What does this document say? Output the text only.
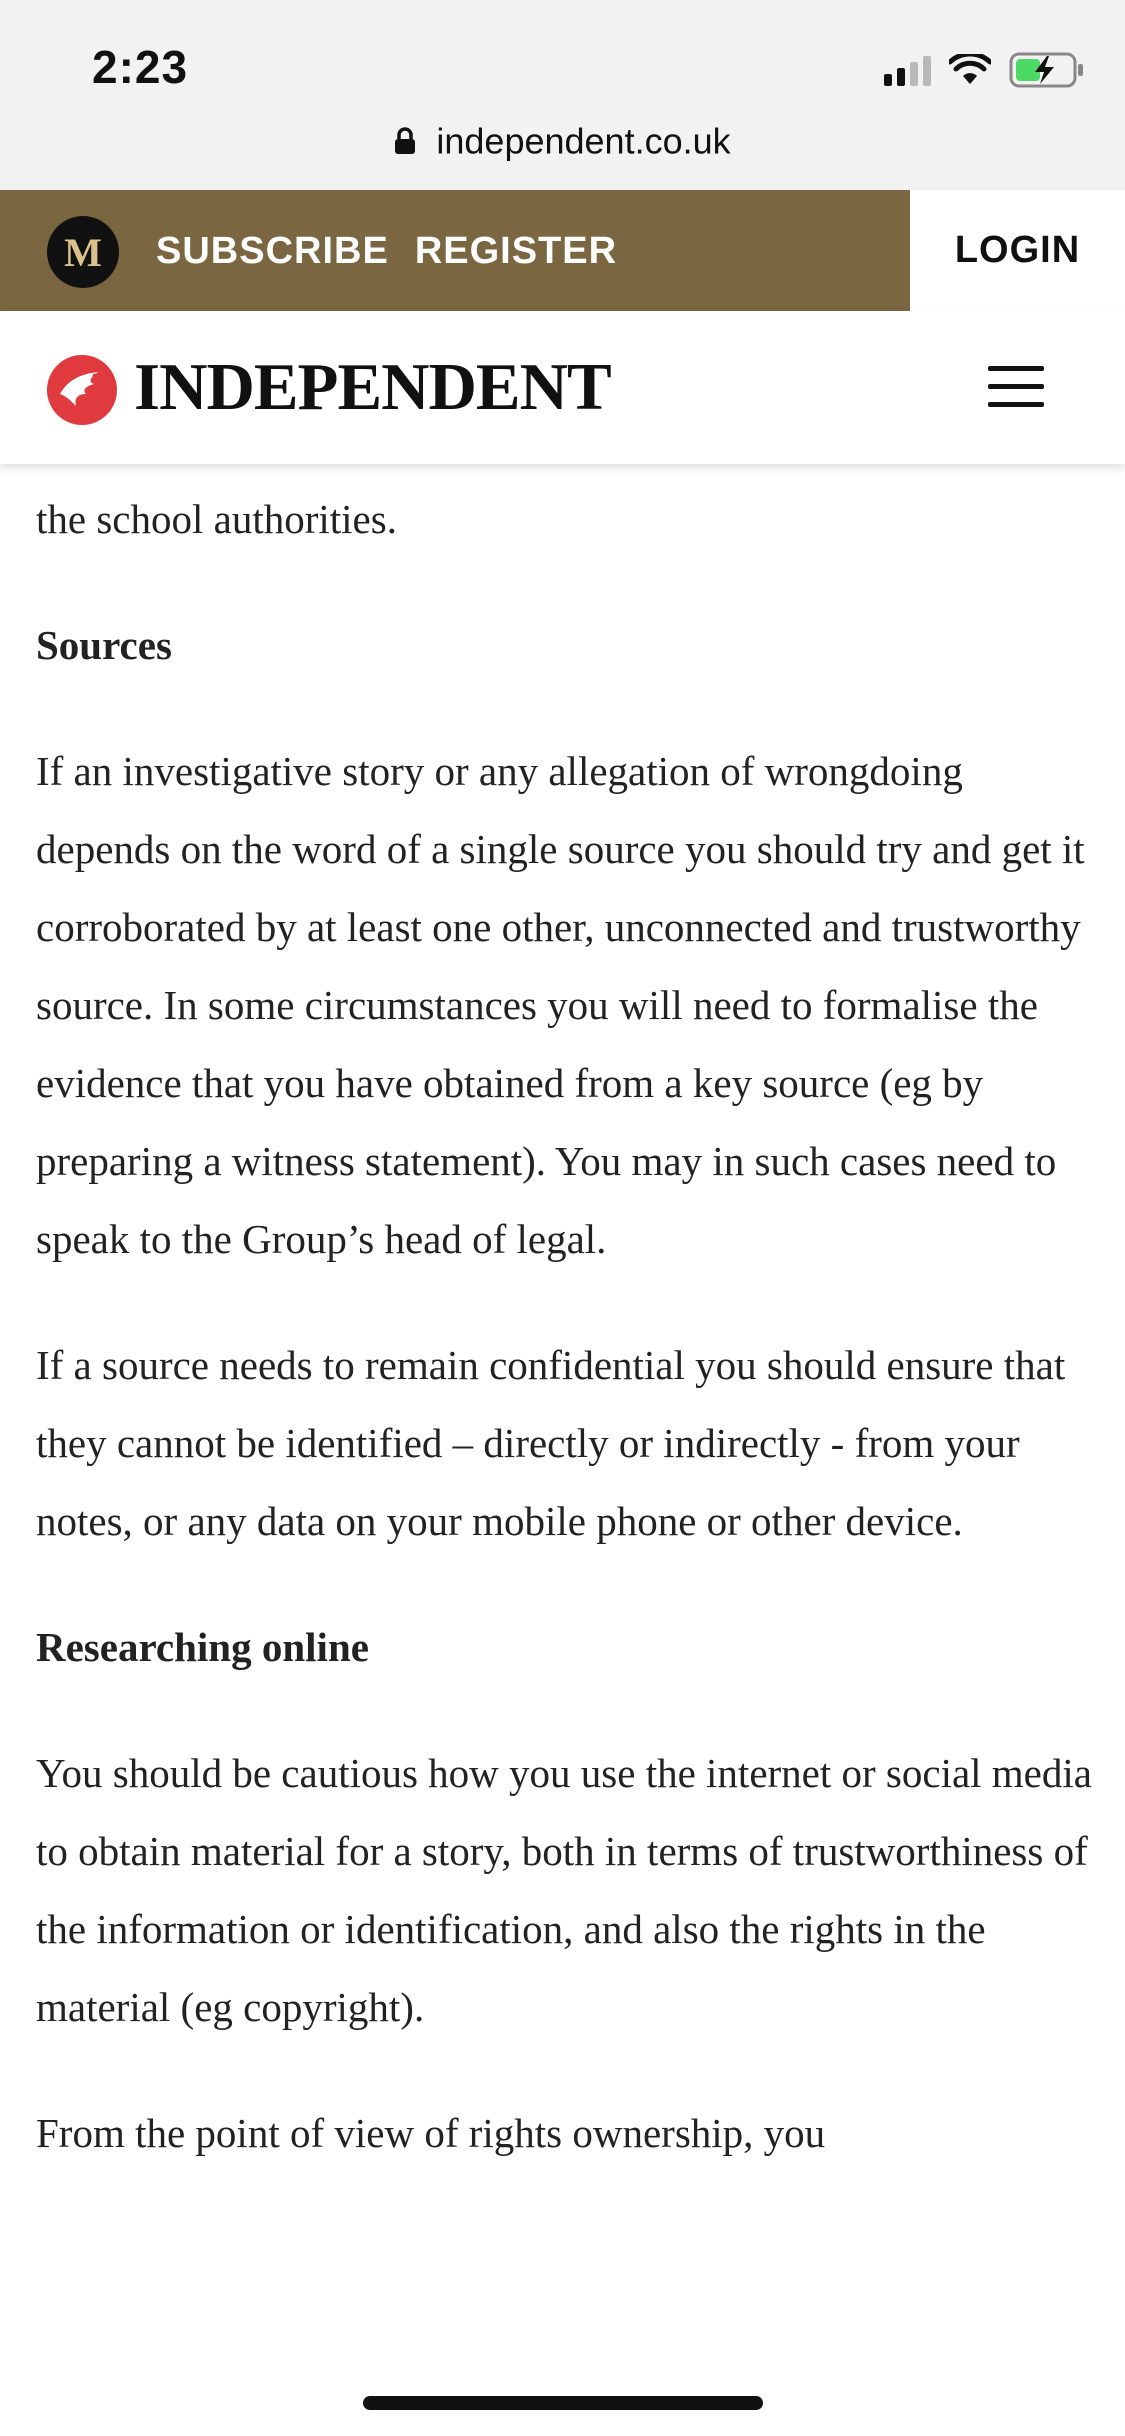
2:23
independent.co.uk
M	SUBSCRIBE REGISTER	LOGIN
INDEPENDENT

the school authorities.

Sources

If an investigative story or any allegation of wrongdoing depends on the word of a single source you should try and get it corroborated by at least one other, unconnected and trustworthy source. In some circumstances you will need to formalise the evidence that you have obtained from a key source (eg by preparing a witness statement). You may in such cases need to speak to the Group’s head of legal.

If a source needs to remain confidential you should ensure that they cannot be identified – directly or indirectly - from your notes, or any data on your mobile phone or other device.

Researching online

You should be cautious how you use the internet or social media to obtain material for a story, both in terms of trustworthiness of the information or identification, and also the rights in the material (eg copyright).

From the point of view of rights ownership, you
